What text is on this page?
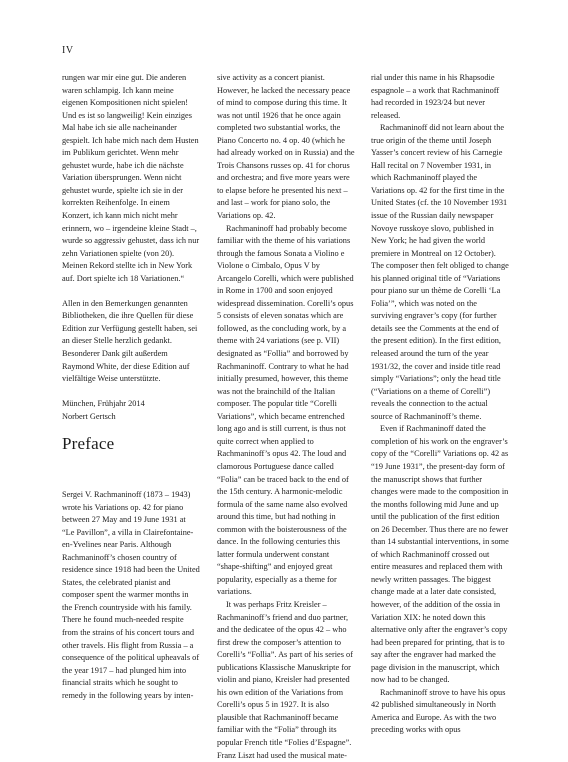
IV

rungen war mir eine gut. Die anderen waren schlampig. Ich kann meine eigenen Kompositionen nicht spielen! Und es ist so langweilig! Kein einziges Mal habe ich sie alle nacheinander gespielt. Ich habe mich nach dem Husten im Publikum gerichtet. Wenn mehr gehustet wurde, habe ich die nächste Variation übersprungen. Wenn nicht gehustet wurde, spielte ich sie in der korrekten Reihenfolge. In einem Konzert, ich kann mich nicht mehr erinnern, wo – irgendeine kleine Stadt –, wurde so aggressiv gehustet, dass ich nur zehn Variationen spielte (von 20). Meinen Rekord stellte ich in New York auf. Dort spielte ich 18 Variationen.“

Allen in den Bemerkungen genannten Bibliotheken, die ihre Quellen für diese Edition zur Verfügung gestellt haben, sei an dieser Stelle herzlich gedankt. Besonderer Dank gilt außerdem Raymond White, der diese Edition auf vielfältige Weise unterstützte.

München, Frühjahr 2014

Norbert Gertsch

Preface

Sergei V. Rachmaninoff (1873 – 1943) wrote his Variations op. 42 for piano between 27 May and 19 June 1931 at “Le Pavillon”, a villa in Clairefontaine-en-Yvelines near Paris. Although Rachmaninoff’s chosen country of residence since 1918 had been the United States, the celebrated pianist and composer spent the warmer months in the French countryside with his family. There he found much-needed respite from the strains of his concert tours and other travels. His flight from Russia – a consequence of the political upheavals of the year 1917 – had plunged him into financial straits which he sought to remedy in the following years by inten-

sive activity as a concert pianist. However, he lacked the necessary peace of mind to compose during this time. It was not until 1926 that he once again completed two substantial works, the Piano Concerto no. 4 op. 40 (which he had already worked on in Russia) and the Trois Chansons russes op. 41 for chorus and orchestra; and five more years were to elapse before he presented his next – and last – work for piano solo, the Variations op. 42.

Rachmaninoff had probably become familiar with the theme of his variations through the famous Sonata a Violino e Violone o Cimbalo, Opus V by Arcangelo Corelli, which were published in Rome in 1700 and soon enjoyed widespread dissemination. Corelli’s opus 5 consists of eleven sonatas which are followed, as the concluding work, by a theme with 24 variations (see p. VII) designated as “Follia” and borrowed by Rachmaninoff. Contrary to what he had initially presumed, however, this theme was not the brainchild of the Italian composer. The popular title “Corelli Variations”, which became entrenched long ago and is still current, is thus not quite correct when applied to Rachmaninoff’s opus 42. The loud and clamorous Portuguese dance called “Folia” can be traced back to the end of the 15th century. A harmonic-melodic formula of the same name also evolved around this time, but had nothing in common with the boisterousness of the dance. In the following centuries this latter formula underwent constant “shape-shifting” and enjoyed great popularity, especially as a theme for variations.

It was perhaps Fritz Kreisler – Rachmaninoff’s friend and duo partner, and the dedicatee of the opus 42 – who first drew the composer’s attention to Corelli’s “Follia”. As part of his series of publications Klassische Manuskripte for violin and piano, Kreisler had presented his own edition of the Variations from Corelli’s opus 5 in 1927. It is also plausible that Rachmaninoff became familiar with the “Folia” through its popular French title “Folies d’Espagne”. Franz Liszt had used the musical mate-

rial under this name in his Rhapsodie espagnole – a work that Rachmaninoff had recorded in 1923/24 but never released.

Rachmaninoff did not learn about the true origin of the theme until Joseph Yasser’s concert review of his Carnegie Hall recital on 7 November 1931, in which Rachmaninoff played the Variations op. 42 for the first time in the United States (cf. the 10 November 1931 issue of the Russian daily newspaper Novoye russkoye slovo, published in New York; he had given the world premiere in Montreal on 12 October). The composer then felt obliged to change his planned original title of “Variations pour piano sur un thème de Corelli ‘La Folia’”, which was noted on the surviving engraver’s copy (for further details see the Comments at the end of the present edition). In the first edition, released around the turn of the year 1931/32, the cover and inside title read simply “Variations”; only the head title (“Variations on a theme of Corelli”) reveals the connection to the actual source of Rachmaninoff’s theme.

Even if Rachmaninoff dated the completion of his work on the engraver’s copy of the “Corelli” Variations op. 42 as “19 June 1931”, the present-day form of the manuscript shows that further changes were made to the composition in the months following mid June and up until the publication of the first edition on 26 December. Thus there are no fewer than 14 substantial interventions, in some of which Rachmaninoff crossed out entire measures and replaced them with newly written passages. The biggest change made at a later date consisted, however, of the addition of the ossia in Variation XIX: he noted down this alternative only after the engraver’s copy had been prepared for printing, that is to say after the engraver had marked the page division in the manuscript, which now had to be changed.

Rachmaninoff strove to have his opus 42 published simultaneously in North America and Europe. As with the two preceding works with opus
